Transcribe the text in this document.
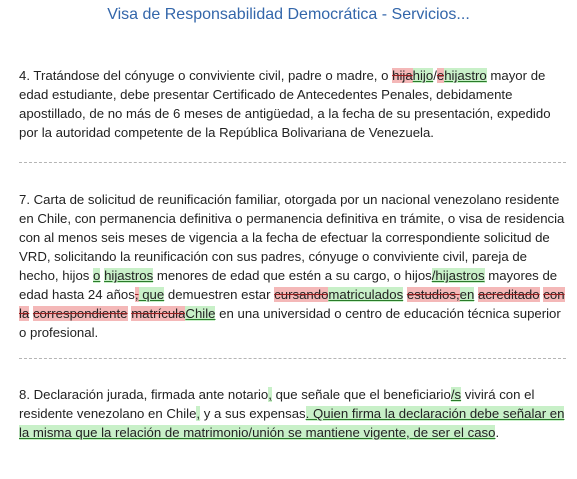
Visa de Responsabilidad Democrática - Servicios...

4. Tratándose del cónyuge o conviviente civil, padre o madre, o hijahijo/ehijastro mayor de edad estudiante, debe presentar Certificado de Antecedentes Penales, debidamente apostillado, de no más de 6 meses de antigüedad, a la fecha de su presentación, expedido por la autoridad competente de la República Bolivariana de Venezuela.

7. Carta de solicitud de reunificación familiar, otorgada por un nacional venezolano residente en Chile, con permanencia definitiva o permanencia definitiva en trámite, o visa de residencia con al menos seis meses de vigencia a la fecha de efectuar la correspondiente solicitud de VRD, solicitando la reunificación con sus padres, cónyuge o conviviente civil, pareja de hecho, hijos o hijastros menores de edad que estén a su cargo, o hijos/hijastros mayores de edad hasta 24 años, que demuestren estar cursandomatriculados estudios,en acreditado con la correspondiente matrículaChile en una universidad o centro de educación técnica superior o profesional.

8. Declaración jurada, firmada ante notario, que señale que el beneficiario/s vivirá con el residente venezolano en Chile, y a sus expensas. Quien firma la declaración debe señalar en la misma que la relación de matrimonio/unión se mantiene vigente, de ser el caso.
